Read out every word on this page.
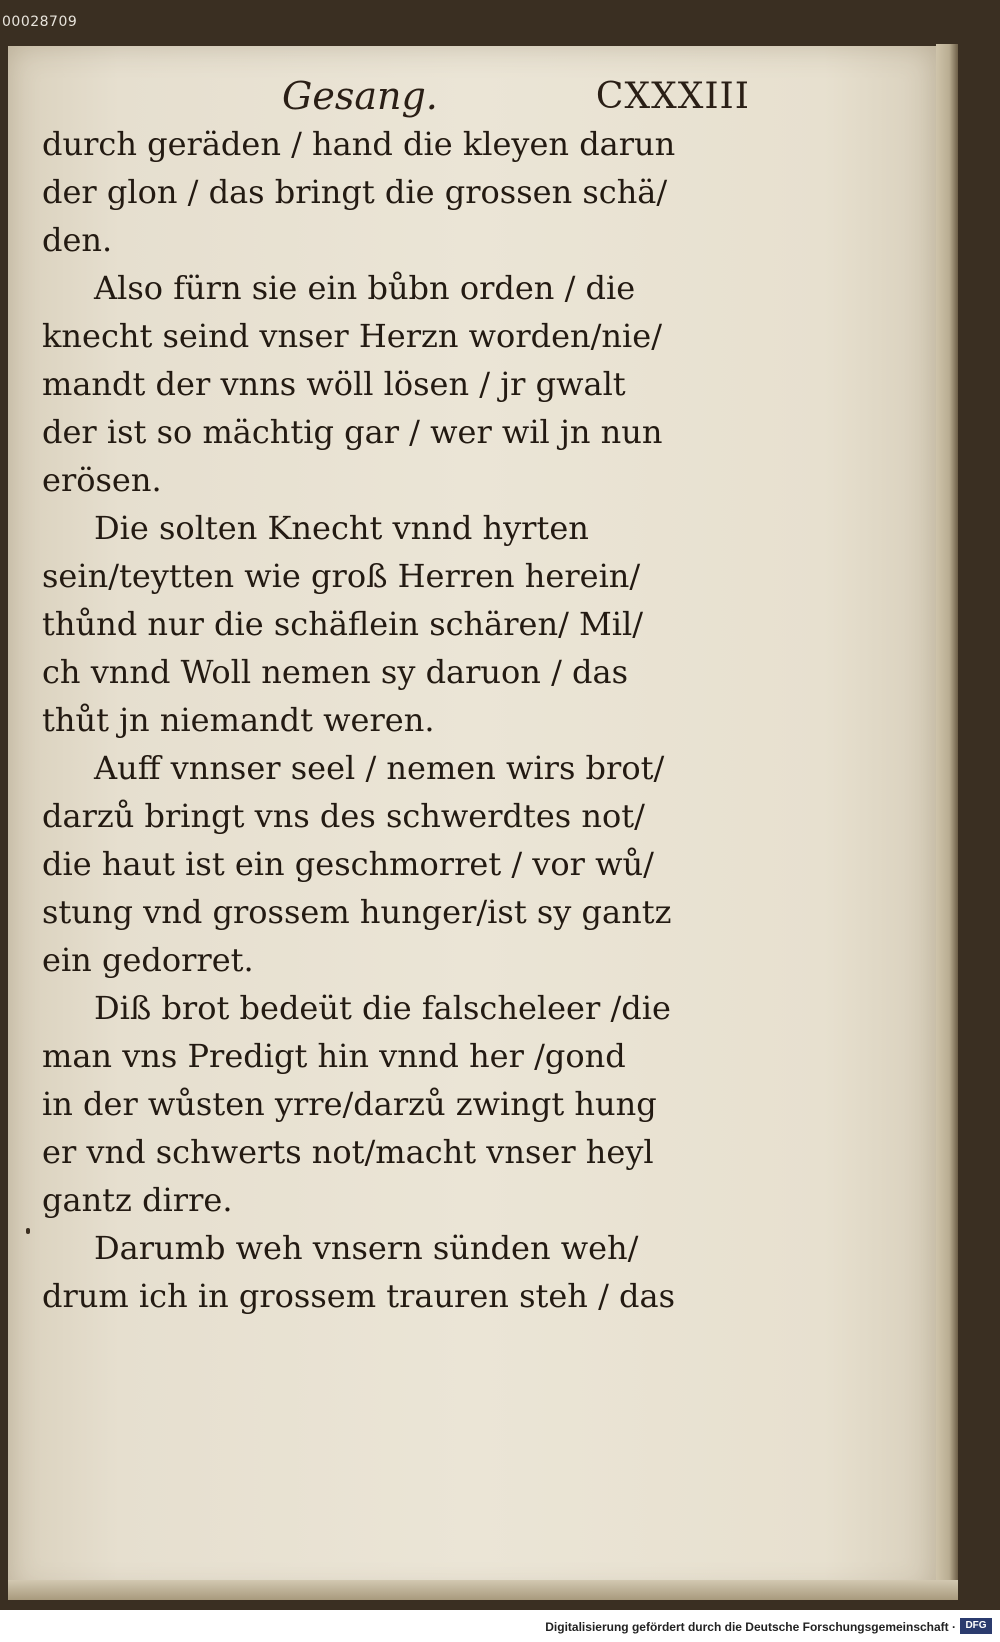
00028709
Gesang.	CXXXIII
durch geräden / hand die kleyen darun
der glon / das bringt die grossen schä/
den.
Also fürn sie ein bůbn orden / die
knecht seind vnser Herzn worden/nie/
mandt der vnns wöll lösen / jr gwalt
der ist so mächtig gar / wer wil jn nun
erösen.
Die solten Knecht vnnd hyrten
sein/teytten wie groß Herren herein/
thůnd nur die schäflein schären/ Mil/
ch vnnd Woll nemen sy daruon / das
thůt jn niemandt weren.
Auff vnnser seel / nemen wirs brot/
darzů bringt vns des schwerdtes not/
die haut ist ein geschmorret / vor wů/
stung vnd grossem hunger/ist sy gantz
ein gedorret.
Diß brot bedeüt die falschelеer /die
man vns Predigt hin vnnd her /gond
in der wůsten yrre/darzů zwingt hung
er vnd schwerts not/macht vnser heyl
gantz dirre.
Darumb weh vnsern sünden weh/
drum ich in grossem trauren steh / das
Digitalisierung gefördert durch die Deutsche Forschungsgemeinschaft · DFG
